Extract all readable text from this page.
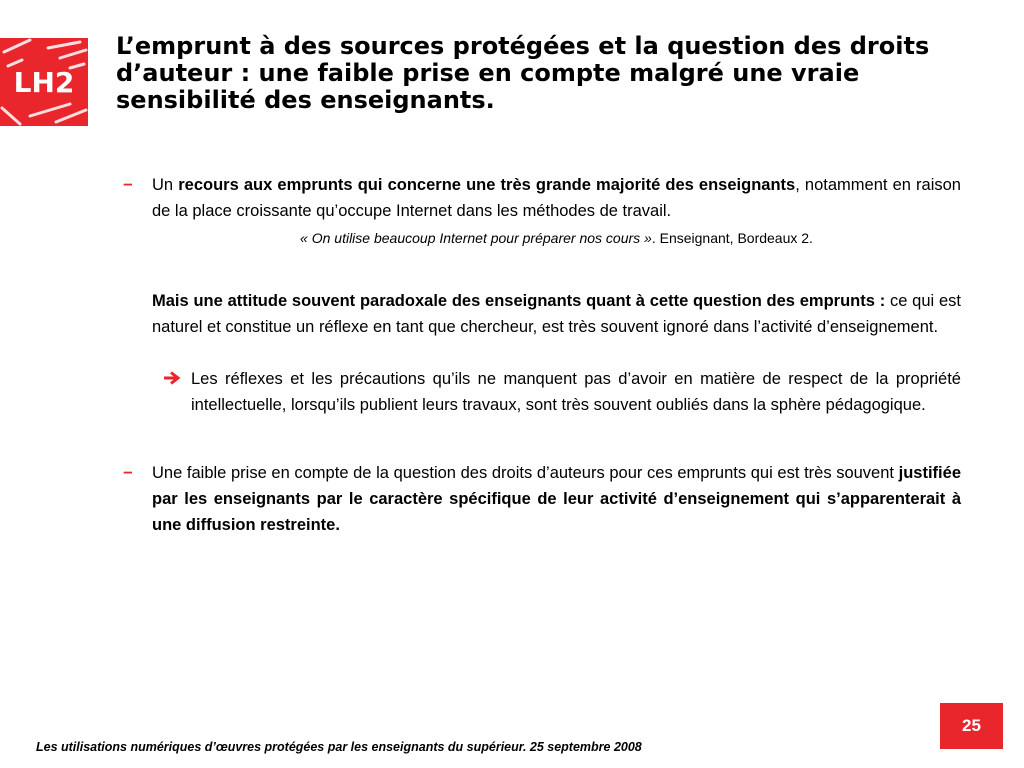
LH2
L’emprunt à des sources protégées et la question des droits d’auteur : une faible prise en compte malgré une vraie sensibilité des enseignants.
− Un recours aux emprunts qui concerne une très grande majorité des enseignants, notamment en raison de la place croissante qu’occupe Internet dans les méthodes de travail.
« On utilise beaucoup Internet pour préparer nos cours ». Enseignant, Bordeaux 2.
Mais une attitude souvent paradoxale des enseignants quant à cette question des emprunts : ce qui est naturel et constitue un réflexe en tant que chercheur, est très souvent ignoré dans l’activité d’enseignement.
Les réflexes et les précautions qu’ils ne manquent pas d’avoir en matière de respect de la propriété intellectuelle, lorsqu’ils publient leurs travaux, sont très souvent oubliés dans la sphère pédagogique.
− Une faible prise en compte de la question des droits d’auteurs pour ces emprunts qui est très souvent justifiée par les enseignants par le caractère spécifique de leur activité d’enseignement qui s’apparenterait à une diffusion restreinte.
25
Les utilisations numériques d’œuvres protégées par les enseignants du supérieur. 25 septembre 2008
